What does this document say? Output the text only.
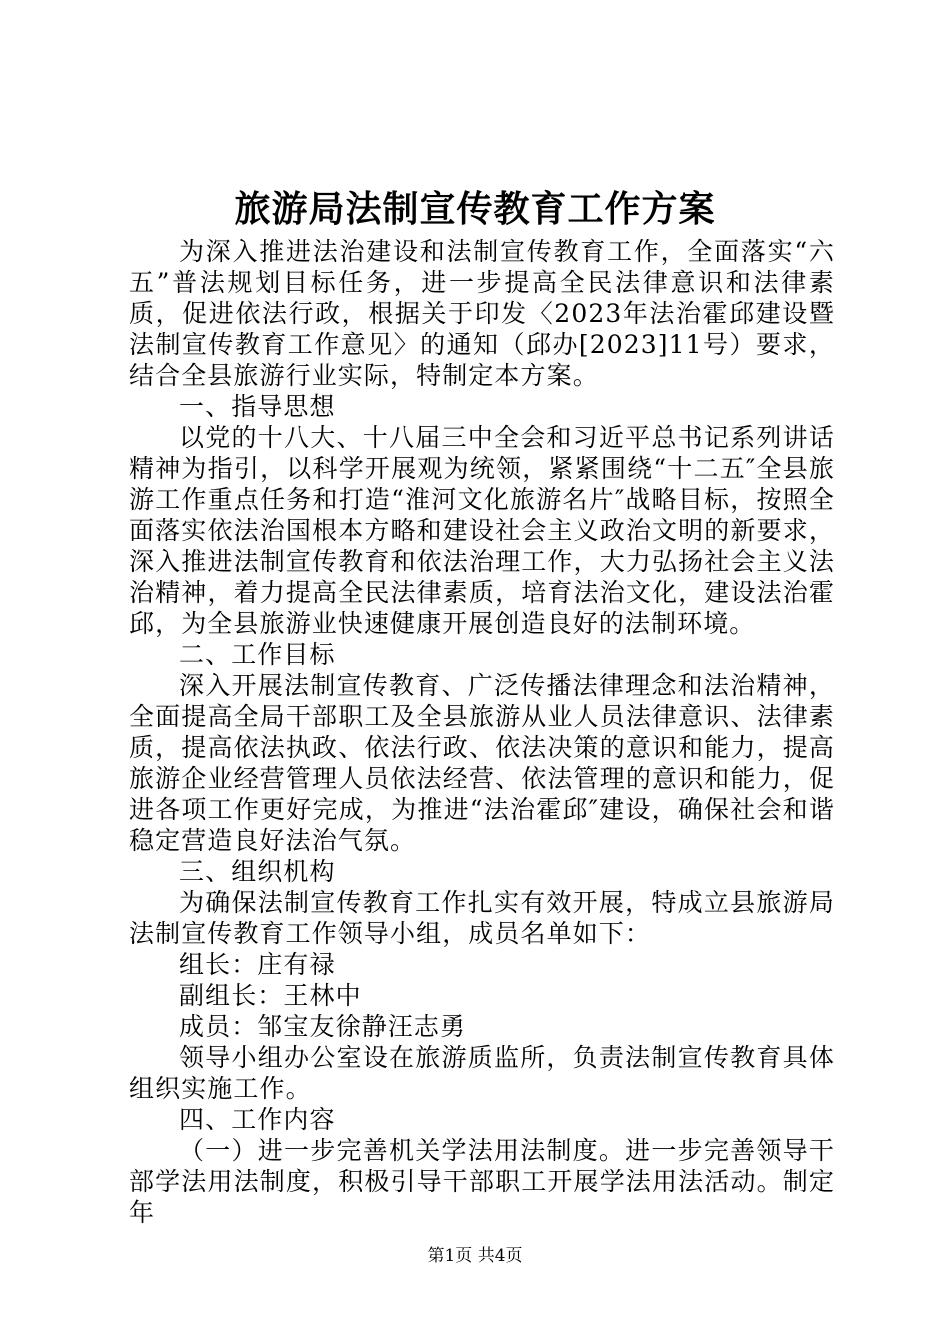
旅游局法制宣传教育工作方案

为深入推进法治建设和法制宣传教育工作，全面落实“六五”普法规划目标任务，进一步提高全民法律意识和法律素质，促进依法行政，根据关于印发〈2023年法治霍邱建设暨法制宣传教育工作意见〉的通知（邱办[2023]11号）要求，结合全县旅游行业实际，特制定本方案。

一、指导思想

以党的十八大、十八届三中全会和习近平总书记系列讲话精神为指引，以科学开展观为统领，紧紧围绕“十二五″全县旅游工作重点任务和打造“淮河文化旅游名片″战略目标，按照全面落实依法治国根本方略和建设社会主义政治文明的新要求，深入推进法制宣传教育和依法治理工作，大力弘扬社会主义法治精神，着力提高全民法律素质，培育法治文化，建设法治霍邱，为全县旅游业快速健康开展创造良好的法制环境。

二、工作目标

深入开展法制宣传教育、广泛传播法律理念和法治精神，全面提高全局干部职工及全县旅游从业人员法律意识、法律素质，提高依法执政、依法行政、依法决策的意识和能力，提高旅游企业经营管理人员依法经营、依法管理的意识和能力，促进各项工作更好完成，为推进“法治霍邱″建设，确保社会和谐稳定营造良好法治气氛。

三、组织机构

为确保法制宣传教育工作扎实有效开展，特成立县旅游局法制宣传教育工作领导小组，成员名单如下：

组长：庄有禄

副组长：王林中

成员：邹宝友徐静汪志勇

领导小组办公室设在旅游质监所，负责法制宣传教育具体组织实施工作。

四、工作内容

（一）进一步完善机关学法用法制度。进一步完善领导干部学法用法制度，积极引导干部职工开展学法用法活动。制定年

第1页 共4页
